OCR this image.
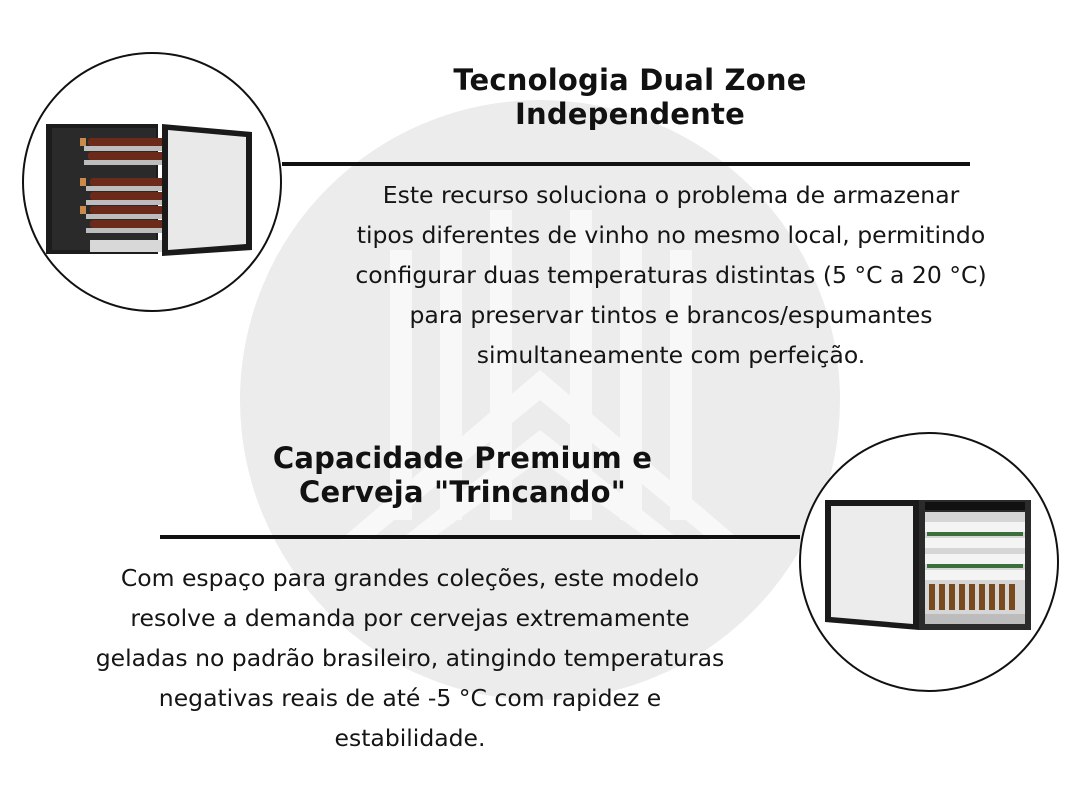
Tecnologia Dual Zone
Independente

Este recurso soluciona o problema de armazenar
tipos diferentes de vinho no mesmo local, permitindo
configurar duas temperaturas distintas (5 °C a 20 °C)
para preservar tintos e brancos/espumantes
simultaneamente com perfeição.

Capacidade Premium e
Cerveja "Trincando"

Com espaço para grandes coleções, este modelo
resolve a demanda por cervejas extremamente
geladas no padrão brasileiro, atingindo temperaturas
negativas reais de até -5 °C com rapidez e
estabilidade.
